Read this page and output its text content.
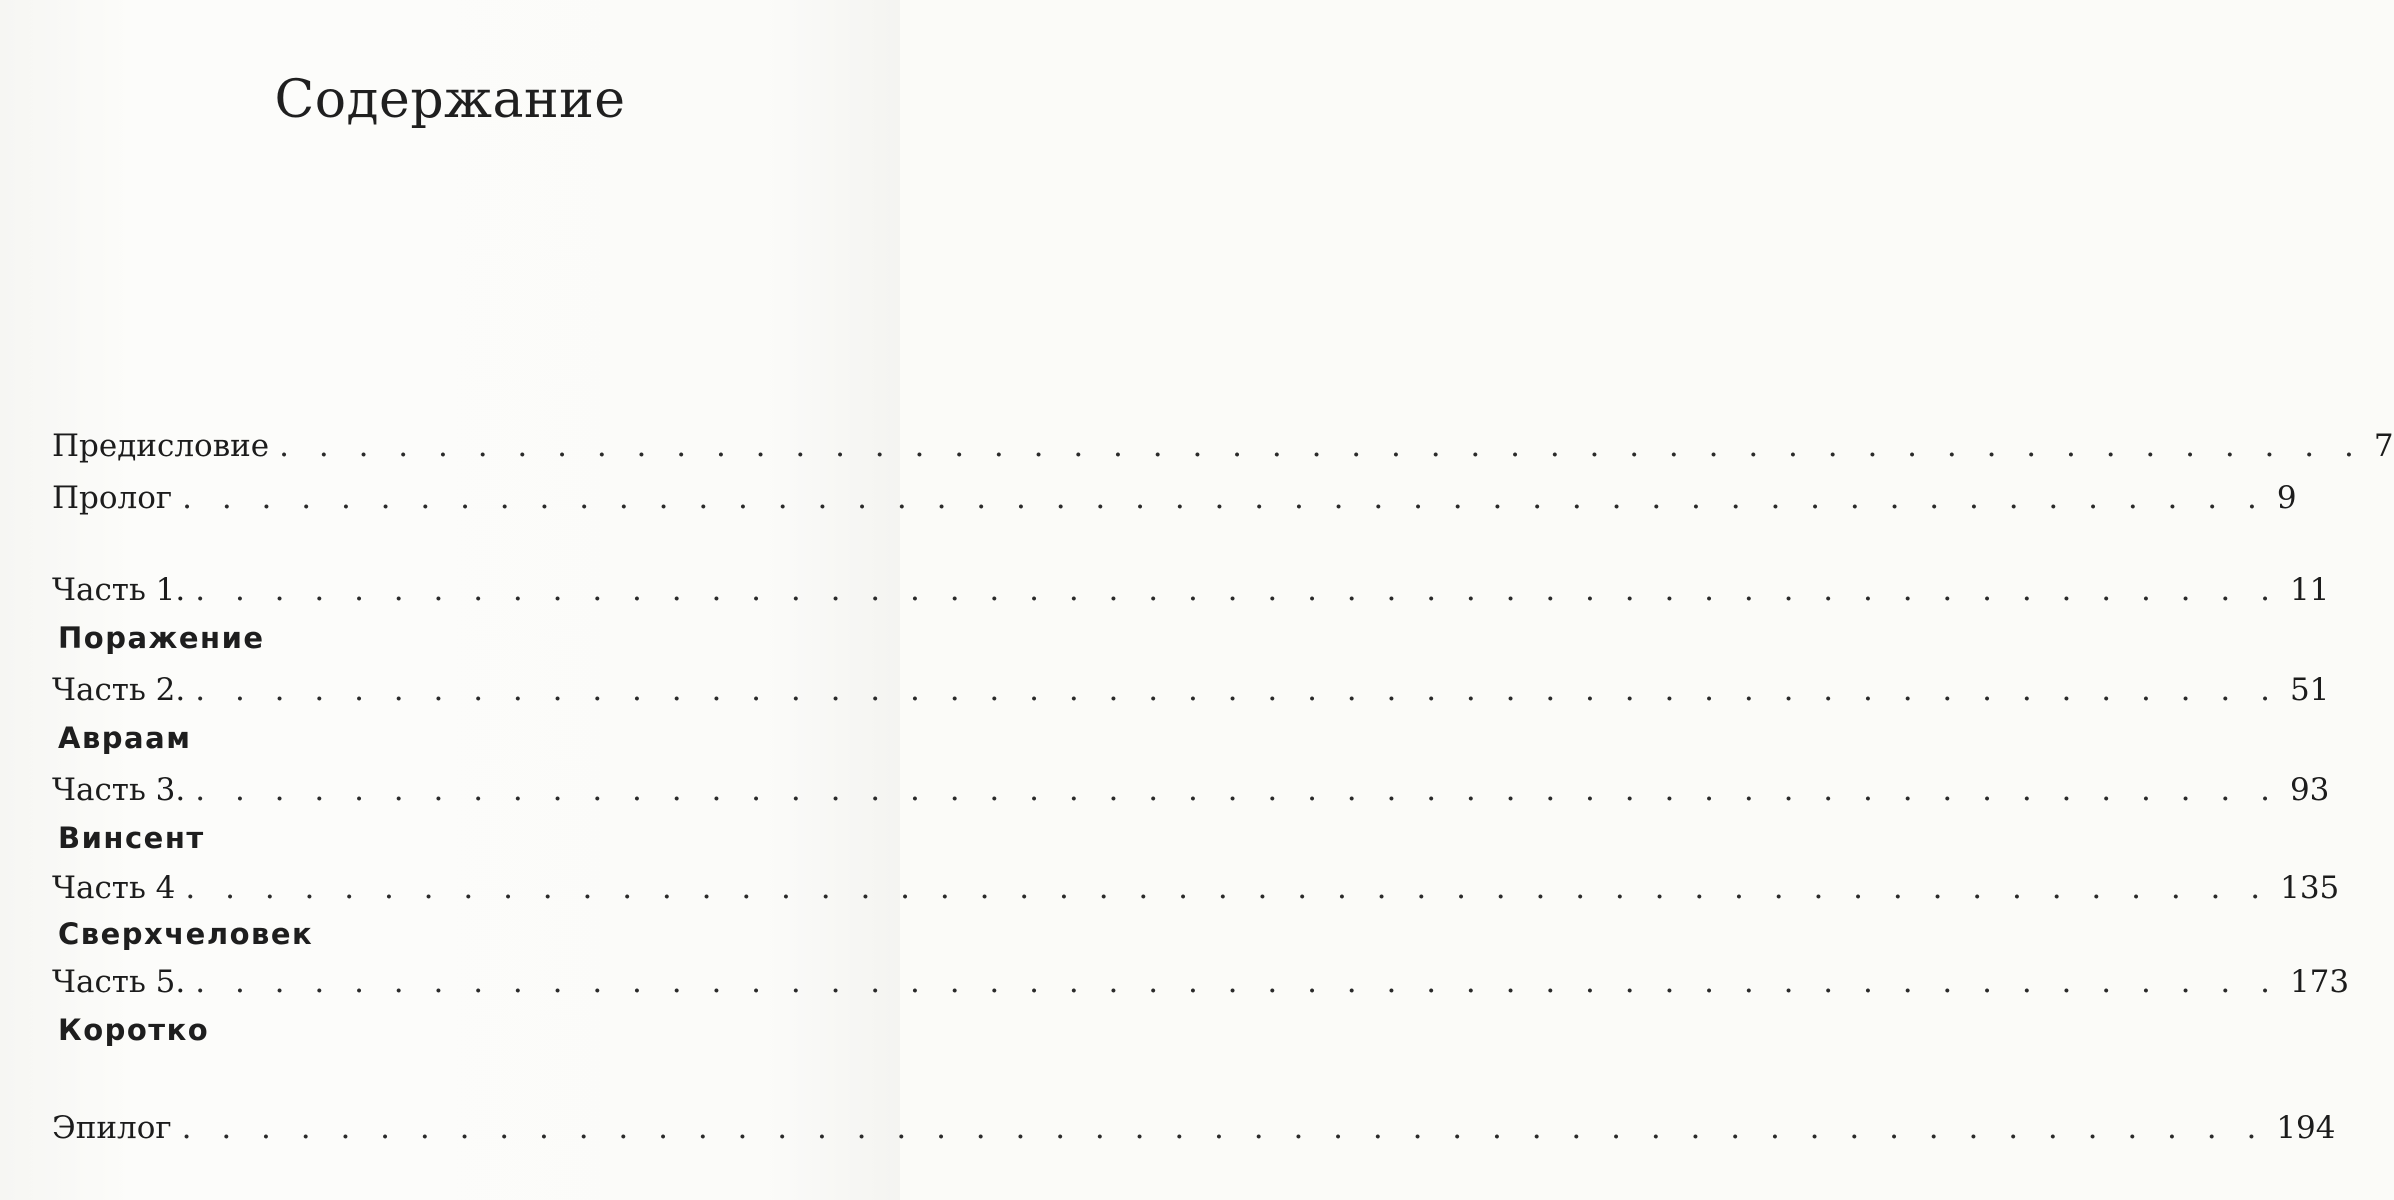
Содержание
Предисловие . . . . . . . . . . . . . . . . . . . . . . . . . . . . . . . . . . . . . . . . . . . . . . . . . . . . . 7
Пролог . . . . . . . . . . . . . . . . . . . . . . . . . . . . . . . . . . . . . . . . . . . . . . . . . . . . . 9
Часть 1. . . . . . . . . . . . . . . . . . . . . . . . . . . . . . . . . . . . . . . . . . . . . . . . . . . . . . 11
Поражение
Часть 2. . . . . . . . . . . . . . . . . . . . . . . . . . . . . . . . . . . . . . . . . . . . . . . . . . . . . . 51
Авраам
Часть 3. . . . . . . . . . . . . . . . . . . . . . . . . . . . . . . . . . . . . . . . . . . . . . . . . . . . . . 93
Винсент
Часть 4 . . . . . . . . . . . . . . . . . . . . . . . . . . . . . . . . . . . . . . . . . . . . . . . . . . . . . 135
Сверхчеловек
Часть 5. . . . . . . . . . . . . . . . . . . . . . . . . . . . . . . . . . . . . . . . . . . . . . . . . . . . . . 173
Коротко
Эпилог . . . . . . . . . . . . . . . . . . . . . . . . . . . . . . . . . . . . . . . . . . . . . . . . . . . . . 194
